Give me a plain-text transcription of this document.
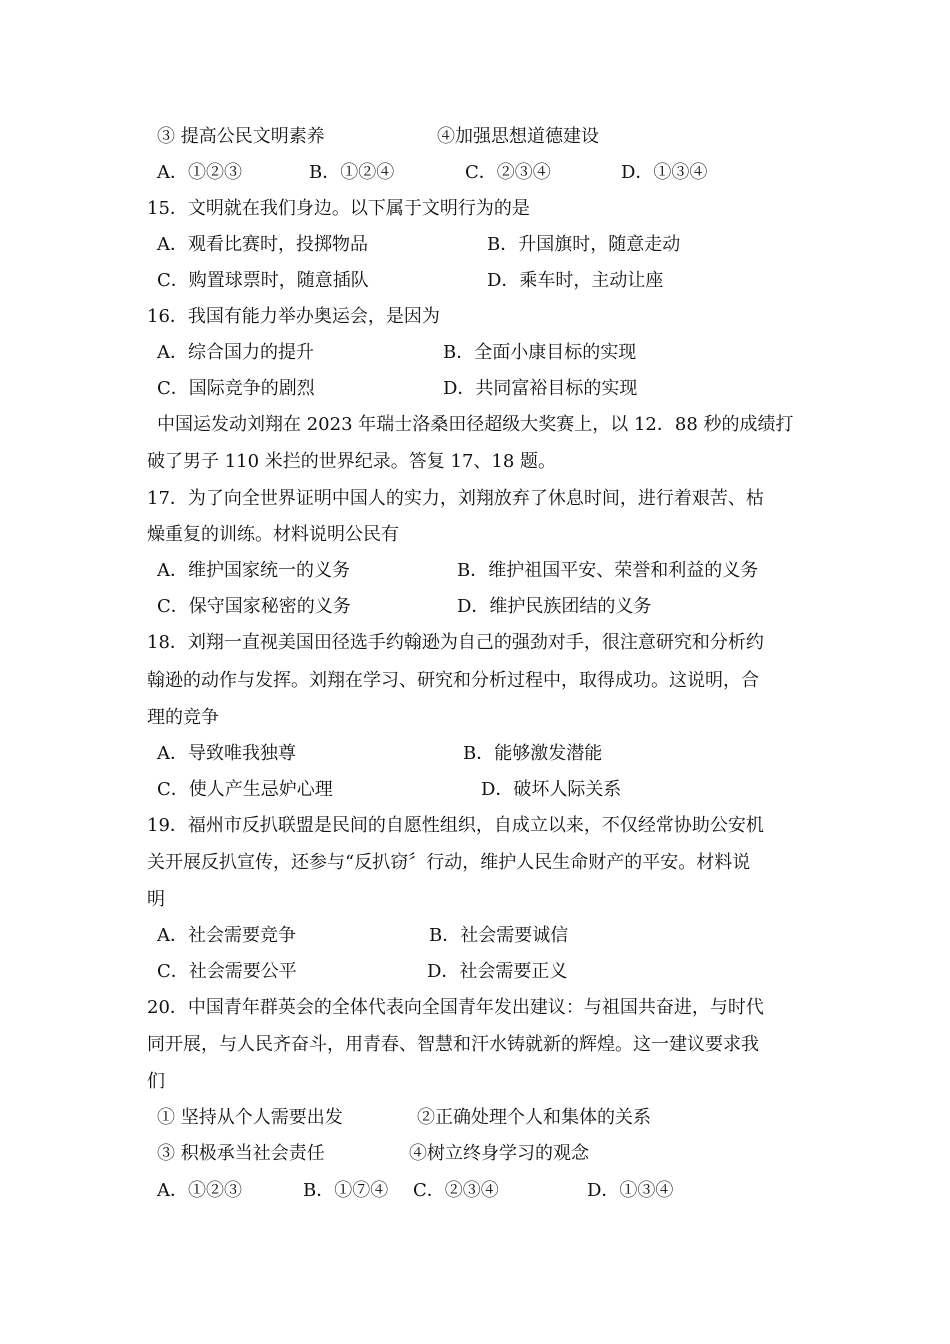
③ 提高公民文明素养	④加强思想道德建设
A．①②③	B．①②④	C．②③④	D．①③④
15．文明就在我们身边。以下属于文明行为的是
A．观看比赛时，投掷物品	B．升国旗时，随意走动
C．购置球票时，随意插队	D．乘车时，主动让座
16．我国有能力举办奥运会，是因为
A．综合国力的提升	B．全面小康目标的实现
C．国际竞争的剧烈	D．共同富裕目标的实现
中国运发动刘翔在 2023 年瑞士洛桑田径超级大奖赛上，以 12．88 秒的成绩打
破了男子 110 米拦的世界纪录。答复 17、18 题。
17．为了向全世界证明中国人的实力，刘翔放弃了休息时间，进行着艰苦、枯
燥重复的训练。材料说明公民有
A．维护国家统一的义务	B．维护祖国平安、荣誉和利益的义务
C．保守国家秘密的义务	D．维护民族团结的义务
18．刘翔一直视美国田径选手约翰逊为自己的强劲对手，很注意研究和分析约
翰逊的动作与发挥。刘翔在学习、研究和分析过程中，取得成功。这说明，合
理的竞争
A．导致唯我独尊	B．能够激发潜能
C．使人产生忌妒心理	D．破坏人际关系
19．福州市反扒联盟是民间的自愿性组织，自成立以来，不仅经常协助公安机
关开展反扒宣传，还参与“反扒窃〞行动，维护人民生命财产的平安。材料说
明
A．社会需要竞争	B．社会需要诚信
C．社会需要公平	D．社会需要正义
20．中国青年群英会的全体代表向全国青年发出建议：与祖国共奋进，与时代
同开展，与人民齐奋斗，用青春、智慧和汗水铸就新的辉煌。这一建议要求我
们
① 坚持从个人需要出发	②正确处理个人和集体的关系
③ 积极承当社会责任	④树立终身学习的观念
A．①②③	B．①⑦④ C．②③④	D．①③④
